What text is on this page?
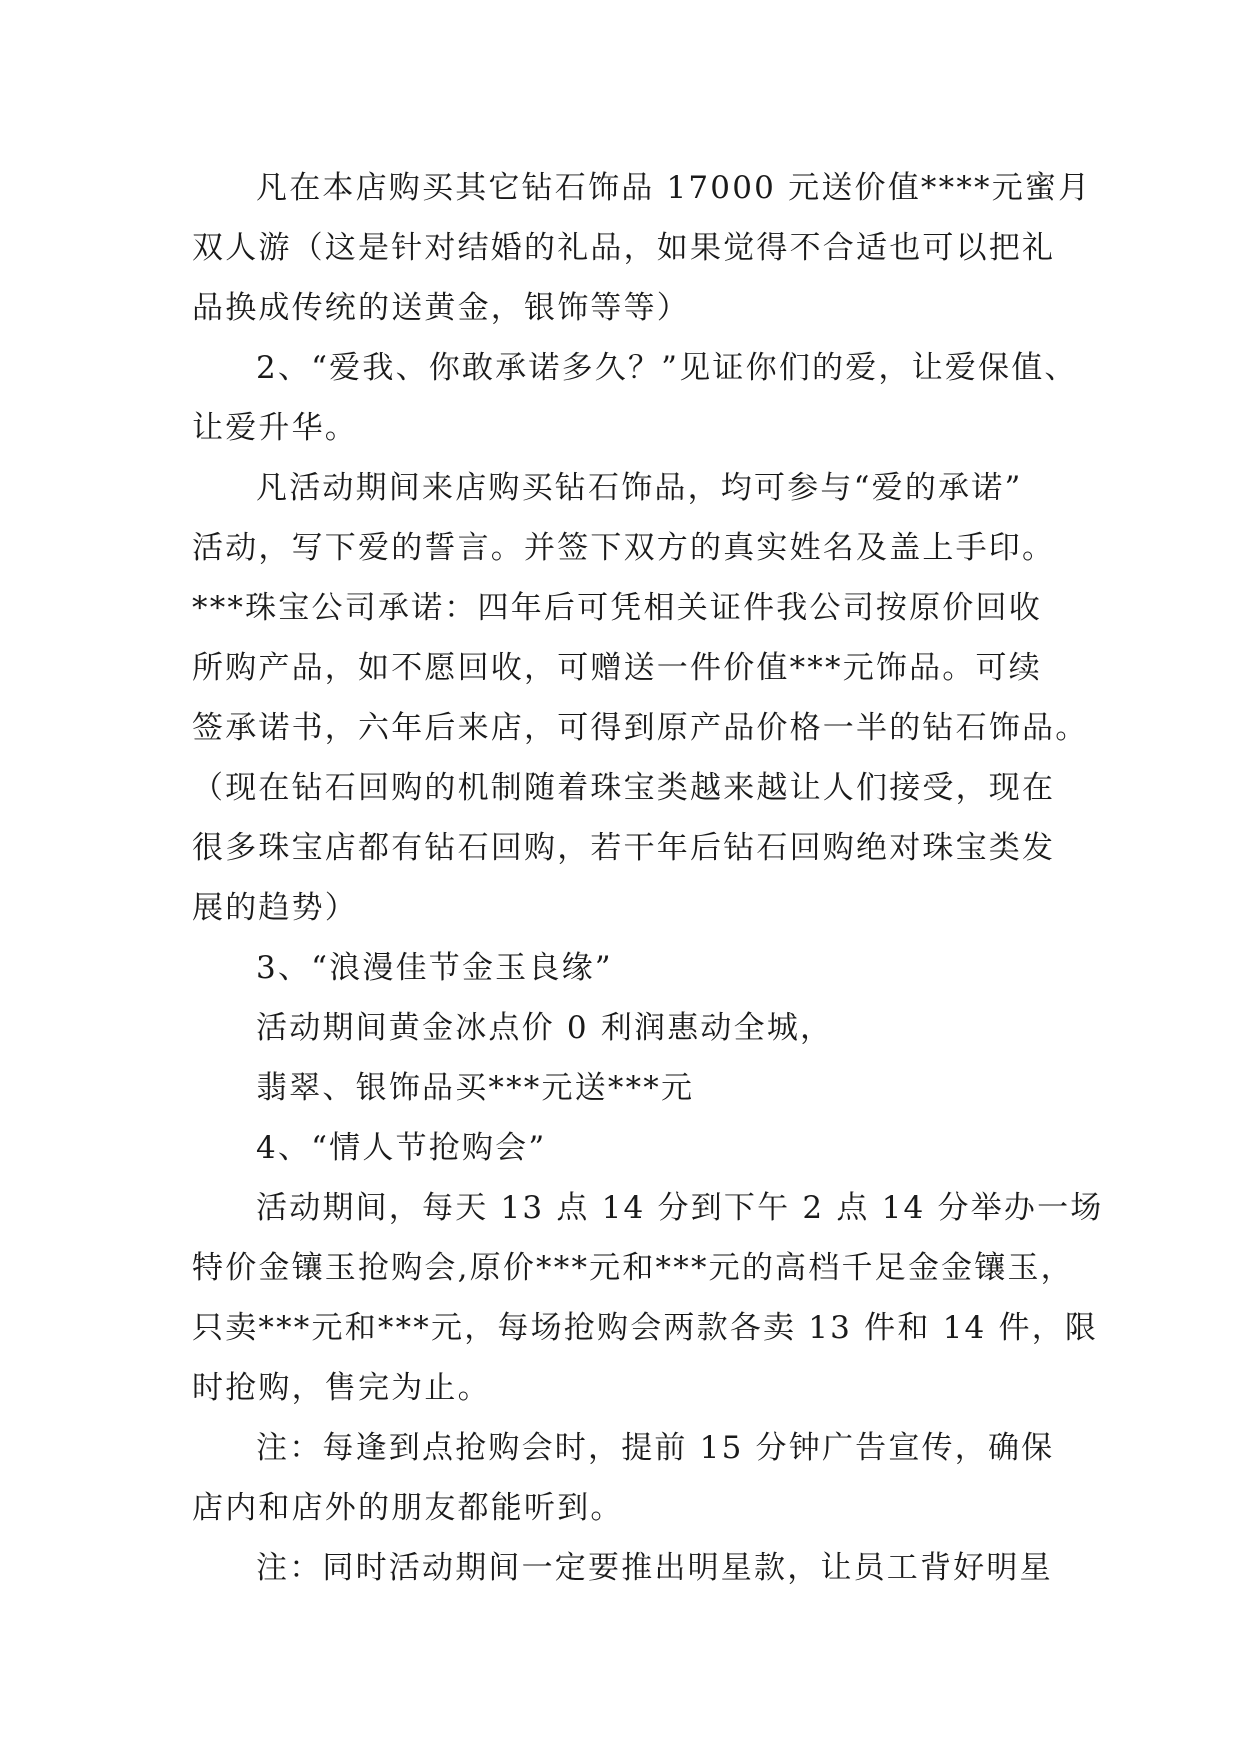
凡在本店购买其它钻石饰品 17000 元送价值****元蜜月
双人游（这是针对结婚的礼品，如果觉得不合适也可以把礼
品换成传统的送黄金，银饰等等）

2、“爱我、你敢承诺多久？”见证你们的爱，让爱保值、
让爱升华。

凡活动期间来店购买钻石饰品，均可参与“爱的承诺”
活动，写下爱的誓言。并签下双方的真实姓名及盖上手印。
***珠宝公司承诺：四年后可凭相关证件我公司按原价回收
所购产品，如不愿回收，可赠送一件价值***元饰品。可续
签承诺书，六年后来店，可得到原产品价格一半的钻石饰品。
（现在钻石回购的机制随着珠宝类越来越让人们接受，现在
很多珠宝店都有钻石回购，若干年后钻石回购绝对珠宝类发
展的趋势）

3、“浪漫佳节金玉良缘”

活动期间黄金冰点价 0 利润惠动全城，

翡翠、银饰品买***元送***元

4、“情人节抢购会”

活动期间，每天 13 点 14 分到下午 2 点 14 分举办一场
特价金镶玉抢购会,原价***元和***元的高档千足金金镶玉，
只卖***元和***元，每场抢购会两款各卖 13 件和 14 件，限
时抢购，售完为止。

注：每逢到点抢购会时，提前 15 分钟广告宣传，确保
店内和店外的朋友都能听到。

注：同时活动期间一定要推出明星款，让员工背好明星
